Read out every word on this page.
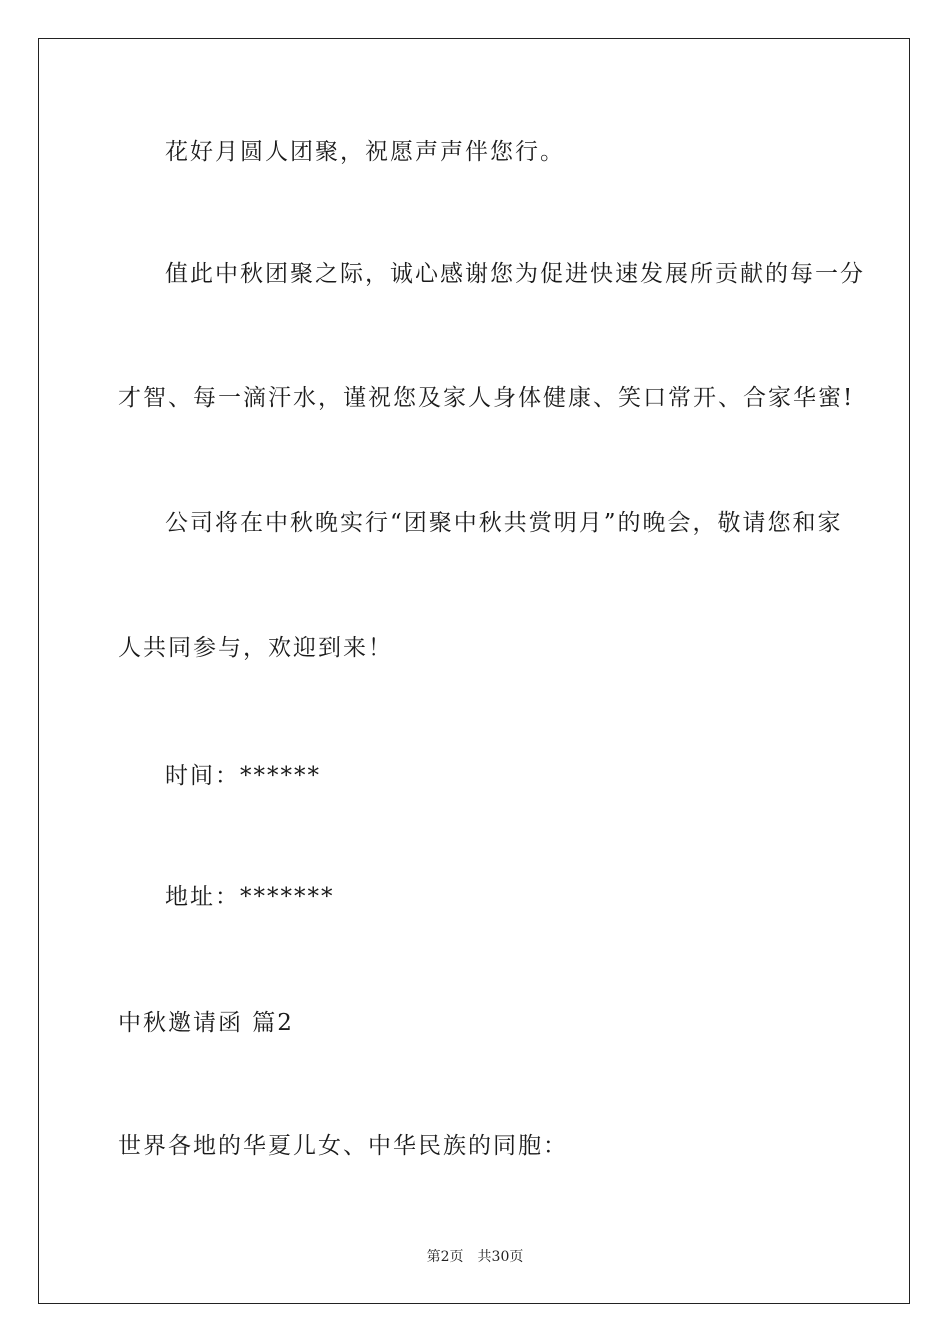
花好月圆人团聚，祝愿声声伴您行。
值此中秋团聚之际，诚心感谢您为促进快速发展所贡献的每一分
才智、每一滴汗水，谨祝您及家人身体健康、笑口常开、合家华蜜!
公司将在中秋晚实行“团聚中秋共赏明月”的晚会，敬请您和家
人共同参与，欢迎到来！
时间：******
地址：*******
中秋邀请函 篇2
世界各地的华夏儿女、中华民族的同胞：
第2页 共30页
